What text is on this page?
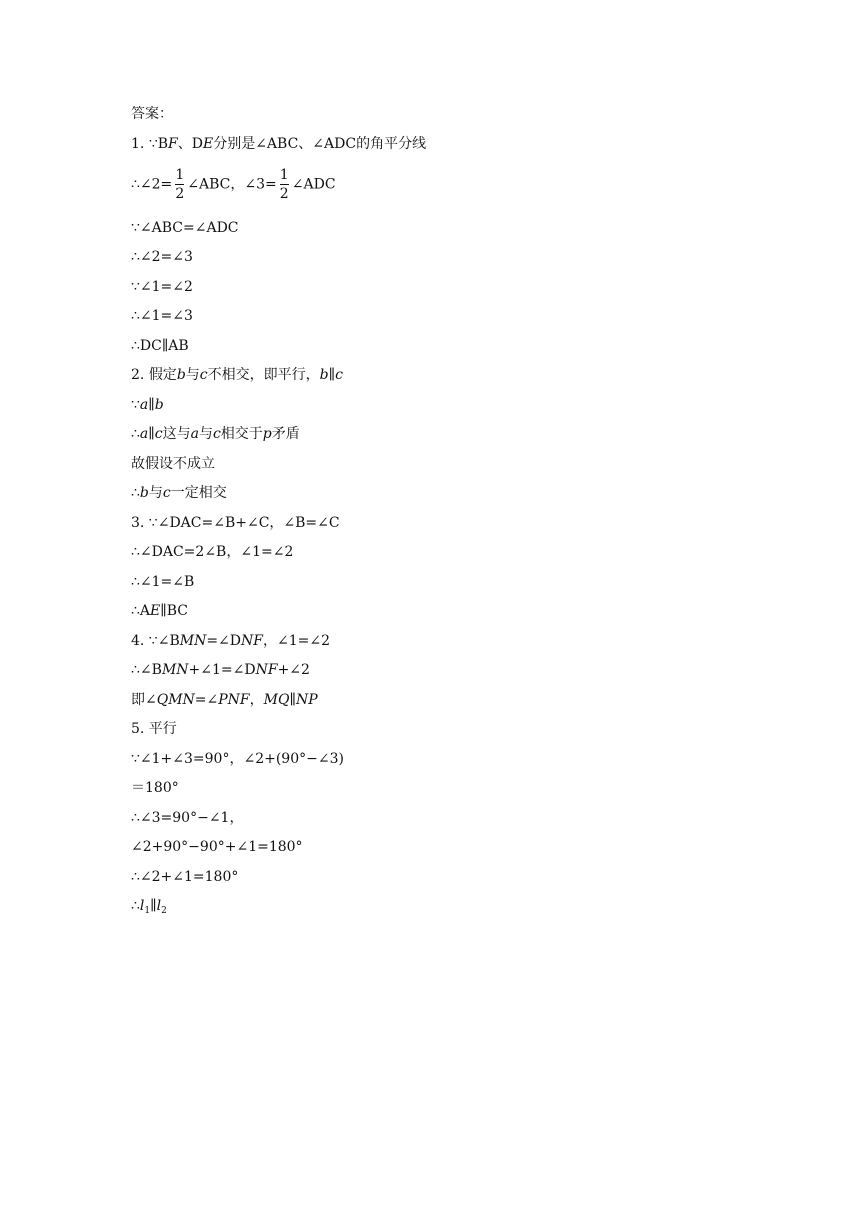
答案：
1. ∵BF、DE分别是∠ABC、∠ADC的角平分线
∴∠2= $\frac{1}{2}$ ∠ABC，∠3= $\frac{1}{2}$ ∠ADC
∵∠ABC=∠ADC
∴∠2=∠3
∵∠1=∠2
∴∠1=∠3
∴DC∥AB
2. 假定b与c不相交，即平行，b∥c
∵a∥b
∴a∥c这与a与c相交于p矛盾
故假设不成立
∴b与c一定相交
3. ∵∠DAC=∠B+∠C，∠B=∠C
∴∠DAC=2∠B，∠1=∠2
∴∠1=∠B
∴AE∥BC
4. ∵∠BMN=∠DNF，∠1=∠2
∴∠BMN+∠1=∠DNF+∠2
即∠QMN=∠PNF，MQ∥NP
5. 平行
∵∠1+∠3=90°，∠2+(90°−∠3)
＝180°
∴∠3=90°−∠1，
∠2+90°−90°+∠1=180°
∴∠2+∠1=180°
$\therefore l_1\parallel l_2$
